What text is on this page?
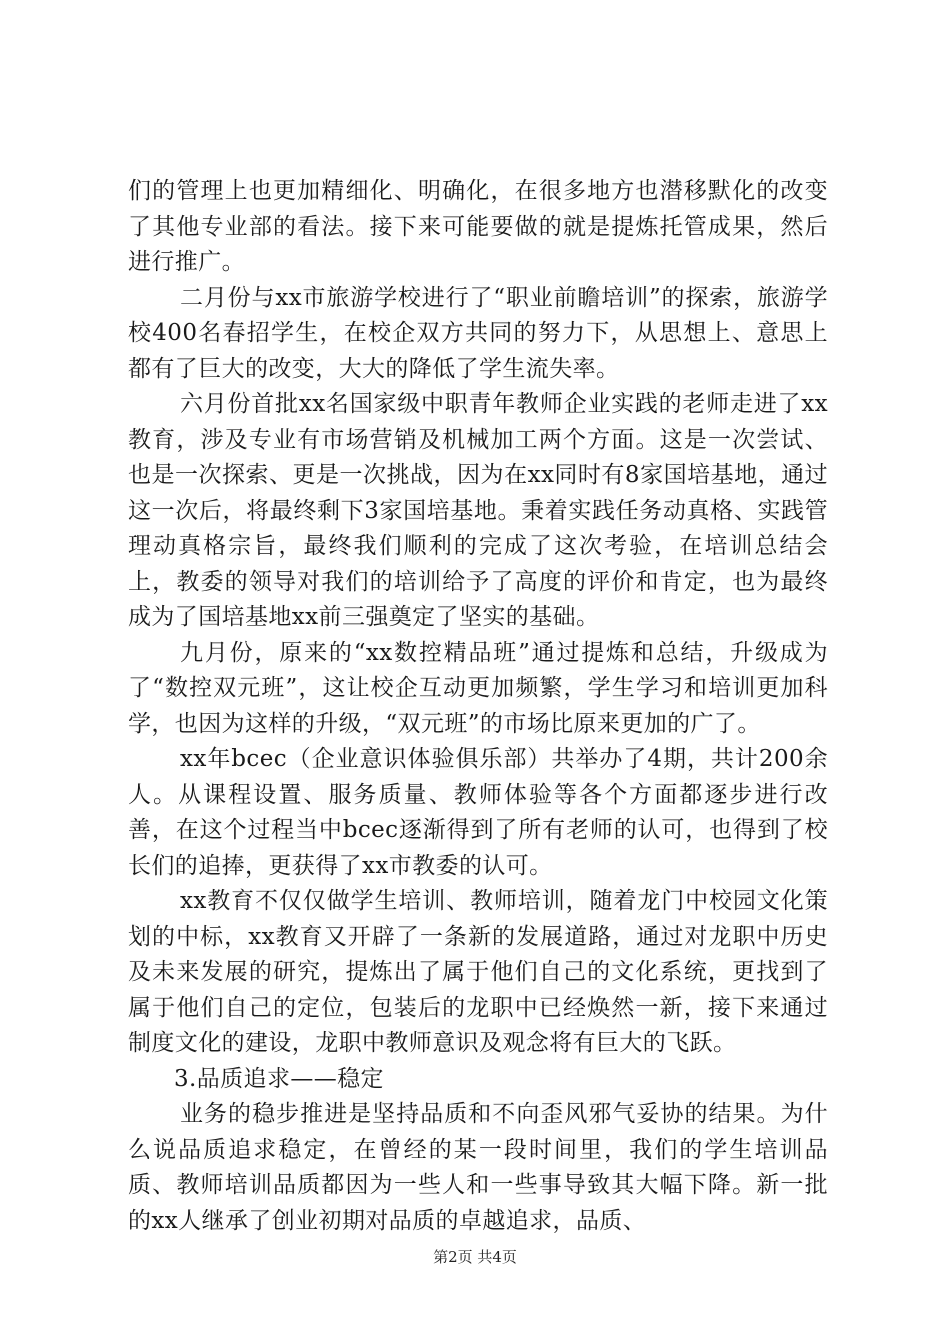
们的管理上也更加精细化、明确化，在很多地方也潜移默化的改变了其他专业部的看法。接下来可能要做的就是提炼托管成果，然后进行推广。

二月份与xx市旅游学校进行了“职业前瞻培训”的探索，旅游学校400名春招学生，在校企双方共同的努力下，从思想上、意思上都有了巨大的改变，大大的降低了学生流失率。

六月份首批xx名国家级中职青年教师企业实践的老师走进了xx教育，涉及专业有市场营销及机械加工两个方面。这是一次尝试、也是一次探索、更是一次挑战，因为在xx同时有8家国培基地，通过这一次后，将最终剩下3家国培基地。秉着实践任务动真格、实践管理动真格宗旨，最终我们顺利的完成了这次考验，在培训总结会上，教委的领导对我们的培训给予了高度的评价和肯定，也为最终成为了国培基地xx前三强奠定了坚实的基础。

九月份，原来的“xx数控精品班”通过提炼和总结，升级成为了“数控双元班”，这让校企互动更加频繁，学生学习和培训更加科学，也因为这样的升级，“双元班”的市场比原来更加的广了。

xx年bcec（企业意识体验俱乐部）共举办了4期，共计200余人。从课程设置、服务质量、教师体验等各个方面都逐步进行改善，在这个过程当中bcec逐渐得到了所有老师的认可，也得到了校长们的追捧，更获得了xx市教委的认可。

xx教育不仅仅做学生培训、教师培训，随着龙门中校园文化策划的中标，xx教育又开辟了一条新的发展道路，通过对龙职中历史及未来发展的研究，提炼出了属于他们自己的文化系统，更找到了属于他们自己的定位，包装后的龙职中已经焕然一新，接下来通过制度文化的建设，龙职中教师意识及观念将有巨大的飞跃。

3.品质追求——稳定

业务的稳步推进是坚持品质和不向歪风邪气妥协的结果。为什么说品质追求稳定，在曾经的某一段时间里，我们的学生培训品质、教师培训品质都因为一些人和一些事导致其大幅下降。新一批的xx人继承了创业初期对品质的卓越追求，品质、

第2页 共4页
